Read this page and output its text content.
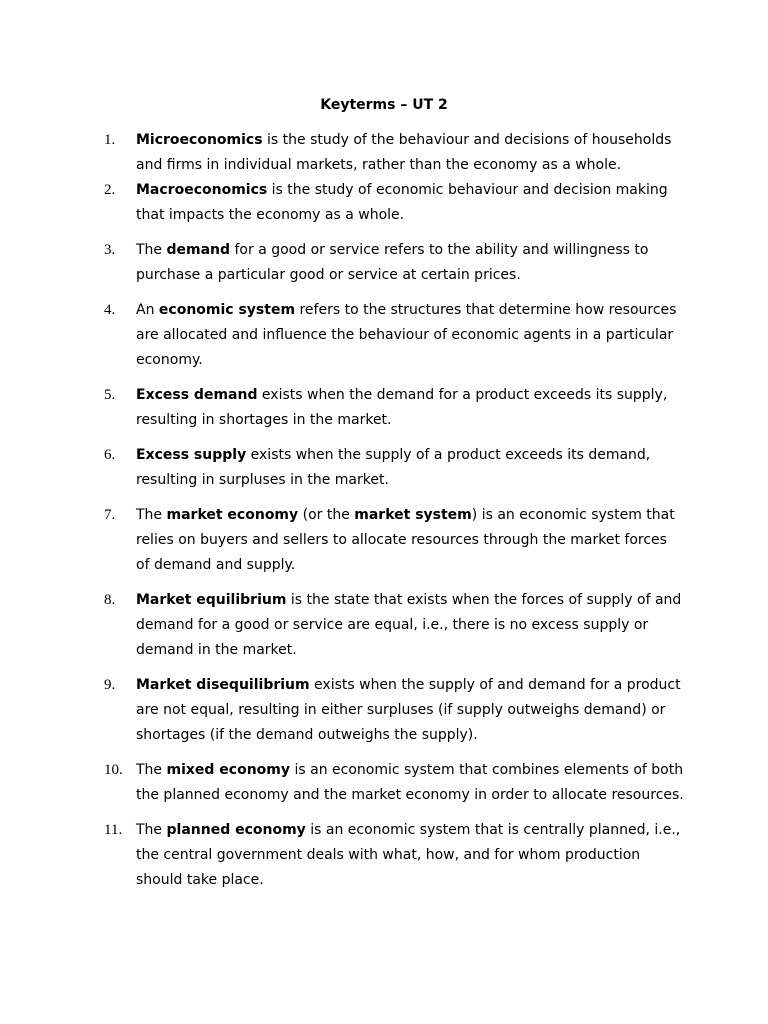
Keyterms – UT 2
1. Microeconomics is the study of the behaviour and decisions of households and firms in individual markets, rather than the economy as a whole.
2. Macroeconomics is the study of economic behaviour and decision making that impacts the economy as a whole.
3. The demand for a good or service refers to the ability and willingness to purchase a particular good or service at certain prices.
4. An economic system refers to the structures that determine how resources are allocated and influence the behaviour of economic agents in a particular economy.
5. Excess demand exists when the demand for a product exceeds its supply, resulting in shortages in the market.
6. Excess supply exists when the supply of a product exceeds its demand, resulting in surpluses in the market.
7. The market economy (or the market system) is an economic system that relies on buyers and sellers to allocate resources through the market forces of demand and supply.
8. Market equilibrium is the state that exists when the forces of supply of and demand for a good or service are equal, i.e., there is no excess supply or demand in the market.
9. Market disequilibrium exists when the supply of and demand for a product are not equal, resulting in either surpluses (if supply outweighs demand) or shortages (if the demand outweighs the supply).
10. The mixed economy is an economic system that combines elements of both the planned economy and the market economy in order to allocate resources.
11. The planned economy is an economic system that is centrally planned, i.e., the central government deals with what, how, and for whom production should take place.
